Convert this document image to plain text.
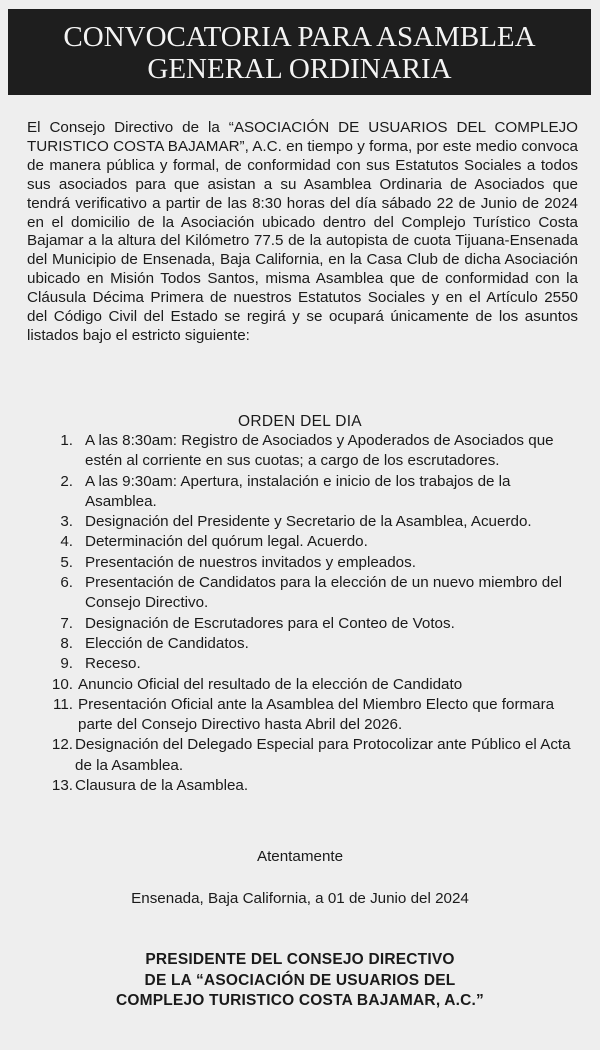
CONVOCATORIA PARA ASAMBLEA
GENERAL ORDINARIA

El Consejo Directivo de la “ASOCIACIÓN DE USUARIOS DEL COMPLEJO TURISTICO COSTA BAJAMAR”, A.C. en tiempo y forma, por este medio convoca de manera pública y formal, de conformidad con sus Estatutos Sociales a todos sus asociados para que asistan a su Asamblea Ordinaria de Asociados que tendrá verificativo a partir de las 8:30 horas del día sábado 22 de Junio de 2024 en el domicilio de la Asociación ubicado dentro del Complejo Turístico Costa Bajamar a la altura del Kilómetro 77.5 de la autopista de cuota Tijuana-Ensenada del Municipio de Ensenada, Baja California, en la Casa Club de dicha Asociación ubicado en Misión Todos Santos, misma Asamblea que de conformidad con la Cláusula Décima Primera de nuestros Estatutos Sociales y en el Artículo 2550 del Código Civil del Estado se regirá y se ocupará únicamente de los asuntos listados bajo el estricto siguiente:

ORDEN DEL DIA
1. A las 8:30am: Registro de Asociados y Apoderados de Asociados que estén al corriente en sus cuotas; a cargo de los escrutadores.
2. A las 9:30am: Apertura, instalación e inicio de los trabajos de la Asamblea.
3. Designación del Presidente y Secretario de la Asamblea, Acuerdo.
4. Determinación del quórum legal. Acuerdo.
5. Presentación de nuestros invitados y empleados.
6. Presentación de Candidatos para la elección de un nuevo miembro del Consejo Directivo.
7. Designación de Escrutadores para el Conteo de Votos.
8. Elección de Candidatos.
9. Receso.
10. Anuncio Oficial del resultado de la elección de Candidato
11. Presentación Oficial ante la Asamblea del Miembro Electo que formara parte del Consejo Directivo hasta Abril del 2026.
12. Designación del Delegado Especial para Protocolizar ante Público el Acta de la Asamblea.
13. Clausura de la Asamblea.
Atentamente
Ensenada, Baja California, a 01 de Junio del 2024
PRESIDENTE DEL CONSEJO DIRECTIVO
DE LA “ASOCIACIÓN DE USUARIOS DEL
COMPLEJO TURISTICO COSTA BAJAMAR, A.C.”
